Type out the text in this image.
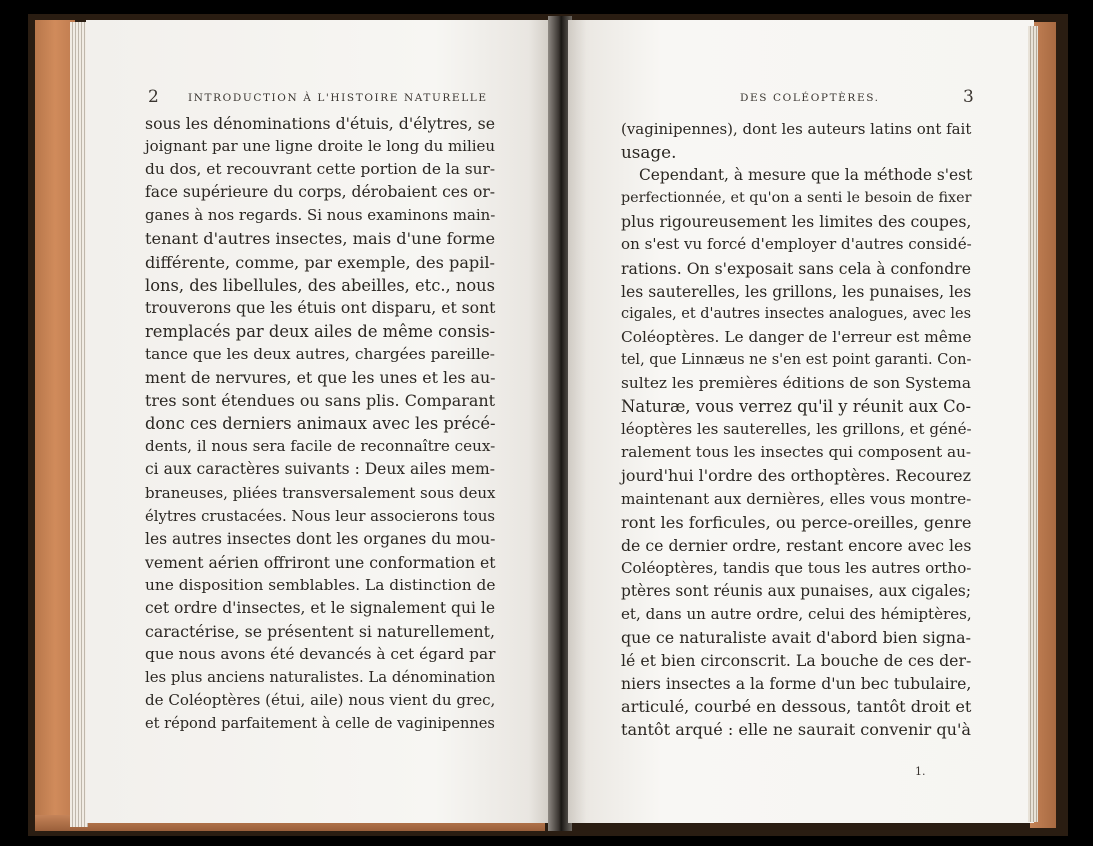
2	INTRODUCTION À L'HISTOIRE NATURELLE
sous les dénominations d'étuis, d'élytres, se
joignant par une ligne droite le long du milieu
du dos, et recouvrant cette portion de la sur-
face supérieure du corps, dérobaient ces or-
ganes à nos regards. Si nous examinons main-
tenant d'autres insectes, mais d'une forme
différente, comme, par exemple, des papil-
lons, des libellules, des abeilles, etc., nous
trouverons que les étuis ont disparu, et sont
remplacés par deux ailes de même consis-
tance que les deux autres, chargées pareille-
ment de nervures, et que les unes et les au-
tres sont étendues ou sans plis. Comparant
donc ces derniers animaux avec les précé-
dents, il nous sera facile de reconnaître ceux-
ci aux caractères suivants : Deux ailes mem-
braneuses, pliées transversalement sous deux
élytres crustacées. Nous leur associerons tous
les autres insectes dont les organes du mou-
vement aérien offriront une conformation et
une disposition semblables. La distinction de
cet ordre d'insectes, et le signalement qui le
caractérise, se présentent si naturellement,
que nous avons été devancés à cet égard par
les plus anciens naturalistes. La dénomination
de Coléoptères (étui, aile) nous vient du grec,
et répond parfaitement à celle de vaginipennes
DES COLÉOPTÈRES.	3
(vaginipennes), dont les auteurs latins ont fait
usage.
Cependant, à mesure que la méthode s'est
perfectionnée, et qu'on a senti le besoin de fixer
plus rigoureusement les limites des coupes,
on s'est vu forcé d'employer d'autres considé-
rations. On s'exposait sans cela à confondre
les sauterelles, les grillons, les punaises, les
cigales, et d'autres insectes analogues, avec les
Coléoptères. Le danger de l'erreur est même
tel, que Linnæus ne s'en est point garanti. Con-
sultez les premières éditions de son Systema
Naturæ, vous verrez qu'il y réunit aux Co-
léoptères les sauterelles, les grillons, et géné-
ralement tous les insectes qui composent au-
jourd'hui l'ordre des orthoptères. Recourez
maintenant aux dernières, elles vous montre-
ront les forficules, ou perce-oreilles, genre
de ce dernier ordre, restant encore avec les
Coléoptères, tandis que tous les autres ortho-
ptères sont réunis aux punaises, aux cigales;
et, dans un autre ordre, celui des hémiptères,
que ce naturaliste avait d'abord bien signa-
lé et bien circonscrit. La bouche de ces der-
niers insectes a la forme d'un bec tubulaire,
articulé, courbé en dessous, tantôt droit et
tantôt arqué : elle ne saurait convenir qu'à
1.
